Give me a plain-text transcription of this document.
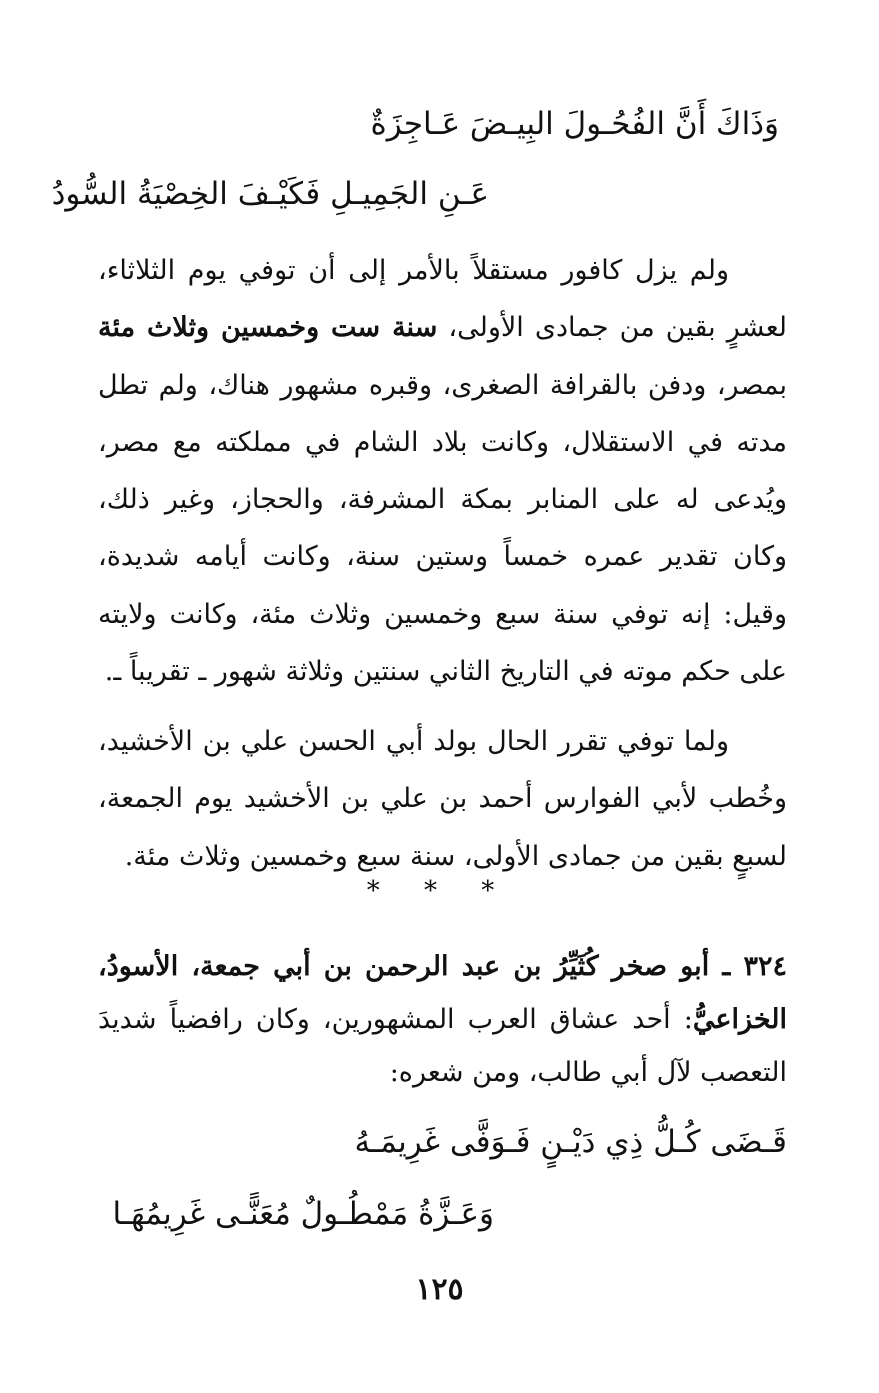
وَذَاكَ أَنَّ الفُحُـولَ البِيـضَ عَـاجِزَةٌ
عَـنِ الجَمِيـلِ فَكَيْـفَ الخِصْيَةُ السُّودُ
ولم يزل كافور مستقلاً بالأمر إلى أن توفي يوم الثلاثاء، لعشرٍ بقين من جمادى الأولى، سنة ست وخمسين وثلاث مئة بمصر، ودفن بالقرافة الصغرى، وقبره مشهور هناك، ولم تطل مدته في الاستقلال، وكانت بلاد الشام في مملكته مع مصر، ويُدعى له على المنابر بمكة المشرفة، والحجاز، وغير ذلك، وكان تقدير عمره خمساً وستين سنة، وكانت أيامه شديدة، وقيل: إنه توفي سنة سبع وخمسين وثلاث مئة، وكانت ولايته على حكم موته في التاريخ الثاني سنتين وثلاثة شهور ـ تقريباً ـ.
ولما توفي تقرر الحال بولد أبي الحسن علي بن الأخشيد، وخُطب لأبي الفوارس أحمد بن علي بن الأخشيد يوم الجمعة، لسبعٍ بقين من جمادى الأولى، سنة سبع وخمسين وثلاث مئة.
* * *
٣٢٤ ـ أبو صخر كُثَيِّرُ بن عبد الرحمن بن أبي جمعة، الأسودُ، الخزاعيُّ: أحد عشاق العرب المشهورين، وكان رافضياً شديدَ التعصب لآل أبي طالب، ومن شعره:
قَـضَى كُـلُّ ذِي دَيْـنٍ فَـوَفَّى غَرِيمَـهُ
وَعَـزَّةُ مَمْطُـولٌ مُعَنًّـى غَرِيمُهَـا
١٢٥
